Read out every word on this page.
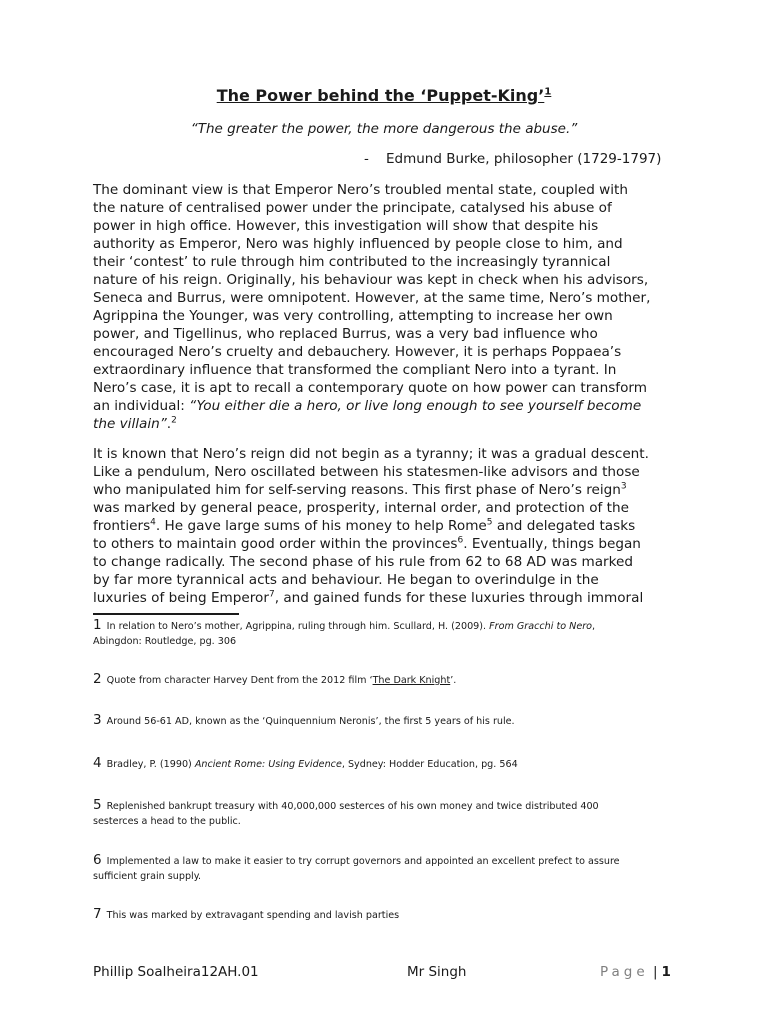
The Power behind the ‘Puppet-King’$^1$
“The greater the power, the more dangerous the abuse.”
- Edmund Burke, philosopher (1729-1797)
The dominant view is that Emperor Nero’s troubled mental state, coupled with
the nature of centralised power under the principate, catalysed his abuse of
power in high office. However, this investigation will show that despite his
authority as Emperor, Nero was highly influenced by people close to him, and
their ‘contest’ to rule through him contributed to the increasingly tyrannical
nature of his reign. Originally, his behaviour was kept in check when his advisors,
Seneca and Burrus, were omnipotent. However, at the same time, Nero’s mother,
Agrippina the Younger, was very controlling, attempting to increase her own
power, and Tigellinus, who replaced Burrus, was a very bad influence who
encouraged Nero’s cruelty and debauchery. However, it is perhaps Poppaea’s
extraordinary influence that transformed the compliant Nero into a tyrant. In
Nero’s case, it is apt to recall a contemporary quote on how power can transform
an individual: “You either die a hero, or live long enough to see yourself become
the villain”.$^2$
It is known that Nero’s reign did not begin as a tyranny; it was a gradual descent.
Like a pendulum, Nero oscillated between his statesmen-like advisors and those
who manipulated him for self-serving reasons. This first phase of Nero’s reign$^3$
was marked by general peace, prosperity, internal order, and protection of the
frontiers$^4$. He gave large sums of his money to help Rome$^5$ and delegated tasks
to others to maintain good order within the provinces$^6$. Eventually, things began
to change radically. The second phase of his rule from 62 to 68 AD was marked
by far more tyrannical acts and behaviour. He began to overindulge in the
luxuries of being Emperor$^7$, and gained funds for these luxuries through immoral
1 In relation to Nero’s mother, Agrippina, ruling through him. Scullard, H. (2009). From Gracchi to Nero,
Abingdon: Routledge, pg. 306
2 Quote from character Harvey Dent from the 2012 film ‘The Dark Knight’.
3 Around 56-61 AD, known as the ‘Quinquennium Neronis’, the first 5 years of his rule.
4 Bradley, P. (1990) Ancient Rome: Using Evidence, Sydney: Hodder Education, pg. 564
5 Replenished bankrupt treasury with 40,000,000 sesterces of his own money and twice distributed 400
sesterces a head to the public.
6 Implemented a law to make it easier to try corrupt governors and appointed an excellent prefect to assure
sufficient grain supply.
7 This was marked by extravagant spending and lavish parties
Phillip Soalheira12AH.01	Mr Singh	Page | 1
